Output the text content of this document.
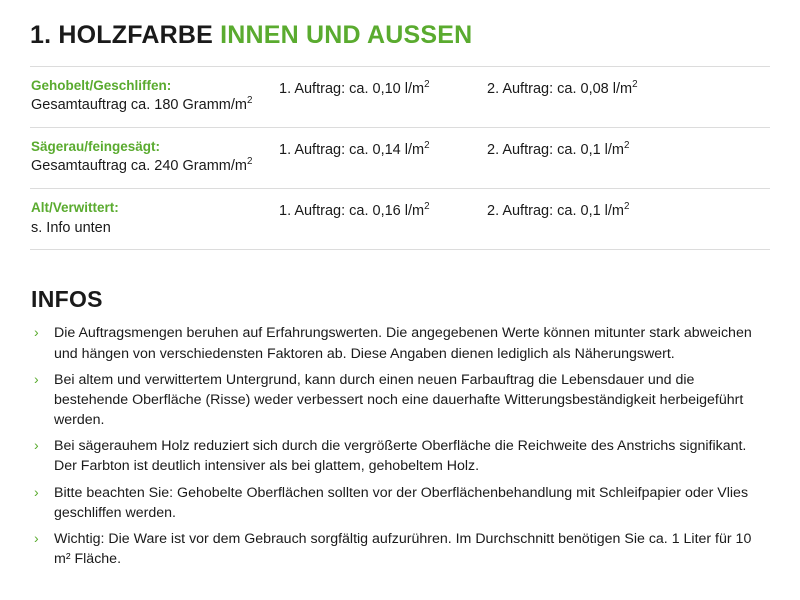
1. HOLZFARBE INNEN UND AUSSEN
Gehobelt/Geschliffen:
Gesamtauftrag ca. 180 Gramm/$m^2$
1. Auftrag: ca. 0,10 $l/m^2$	2. Auftrag: ca. 0,08 $l/m^2$
Sägerau/feingesägt:
Gesamtauftrag ca. 240 Gramm/$m^2$
1. Auftrag: ca. 0,14 $l/m^2$	2. Auftrag: ca. 0,1 $l/m^2$
Alt/Verwittert:
s. Info unten
1. Auftrag: ca. 0,16 $l/m^2$	2. Auftrag: ca. 0,1 $l/m^2$
INFOS
› Die Auftragsmengen beruhen auf Erfahrungswerten. Die angegebenen Werte können mitunter stark abweichen und hängen von verschiedensten Faktoren ab. Diese Angaben dienen lediglich als Näherungswert.
› Bei altem und verwittertem Untergrund, kann durch einen neuen Farbauftrag die Lebensdauer und die bestehende Oberfläche (Risse) weder verbessert noch eine dauerhafte Witterungsbeständigkeit herbeigeführt werden.
› Bei sägerauhem Holz reduziert sich durch die vergrößerte Oberfläche die Reichweite des Anstrichs signifikant. Der Farbton ist deutlich intensiver als bei glattem, gehobeltem Holz.
› Bitte beachten Sie: Gehobelte Oberflächen sollten vor der Oberflächenbehandlung mit Schleifpapier oder Vlies geschliffen werden.
› Wichtig: Die Ware ist vor dem Gebrauch sorgfältig aufzurühren. Im Durchschnitt benötigen Sie ca. 1 Liter für 10 m² Fläche.
